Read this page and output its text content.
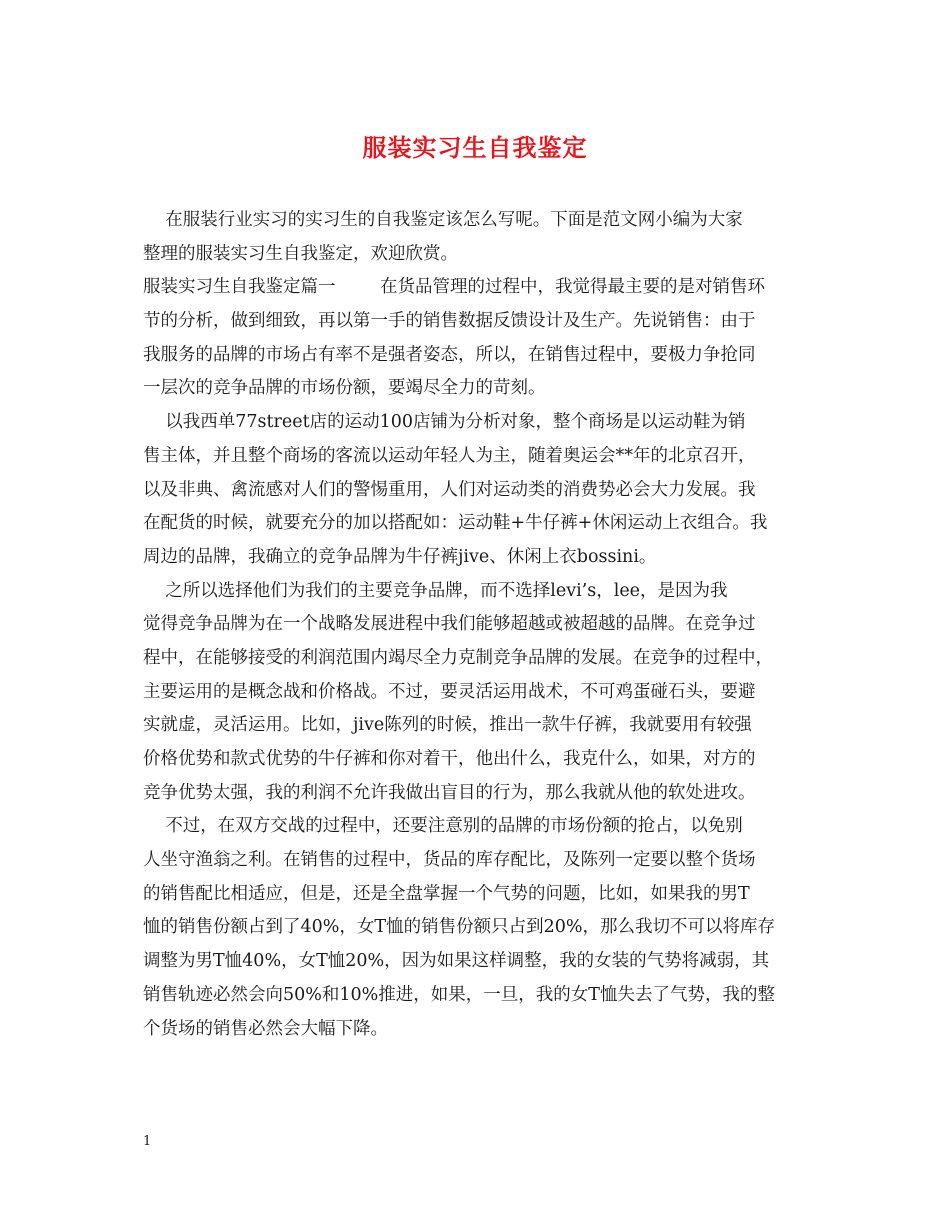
服装实习生自我鉴定
在服装行业实习的实习生的自我鉴定该怎么写呢。下面是范文网小编为大家
整理的服装实习生自我鉴定，欢迎欣赏。
服装实习生自我鉴定篇一        在货品管理的过程中，我觉得最主要的是对销售环
节的分析，做到细致，再以第一手的销售数据反馈设计及生产。先说销售：由于
我服务的品牌的市场占有率不是强者姿态，所以，在销售过程中，要极力争抢同
一层次的竞争品牌的市场份额，要竭尽全力的苛刻。
以我西单77street店的运动100店铺为分析对象，整个商场是以运动鞋为销
售主体，并且整个商场的客流以运动年轻人为主，随着奥运会**年的北京召开，
以及非典、禽流感对人们的警惕重用，人们对运动类的消费势必会大力发展。我
在配货的时候，就要充分的加以搭配如：运动鞋+牛仔裤+休闲运动上衣组合。我
周边的品牌，我确立的竞争品牌为牛仔裤jive、休闲上衣bossini。
之所以选择他们为我们的主要竞争品牌，而不选择levi’s，lee，是因为我
觉得竞争品牌为在一个战略发展进程中我们能够超越或被超越的品牌。在竞争过
程中，在能够接受的利润范围内竭尽全力克制竞争品牌的发展。在竞争的过程中，
主要运用的是概念战和价格战。不过，要灵活运用战术，不可鸡蛋碰石头，要避
实就虚，灵活运用。比如，jive陈列的时候，推出一款牛仔裤，我就要用有较强
价格优势和款式优势的牛仔裤和你对着干，他出什么，我克什么，如果，对方的
竞争优势太强，我的利润不允许我做出盲目的行为，那么我就从他的软处进攻。
不过，在双方交战的过程中，还要注意别的品牌的市场份额的抢占，以免别
人坐守渔翁之利。在销售的过程中，货品的库存配比，及陈列一定要以整个货场
的销售配比相适应，但是，还是全盘掌握一个气势的问题，比如，如果我的男T
恤的销售份额占到了40%，女T恤的销售份额只占到20%，那么我切不可以将库存
调整为男T恤40%，女T恤20%，因为如果这样调整，我的女装的气势将减弱，其
销售轨迹必然会向50%和10%推进，如果，一旦，我的女T恤失去了气势，我的整
个货场的销售必然会大幅下降。
1
